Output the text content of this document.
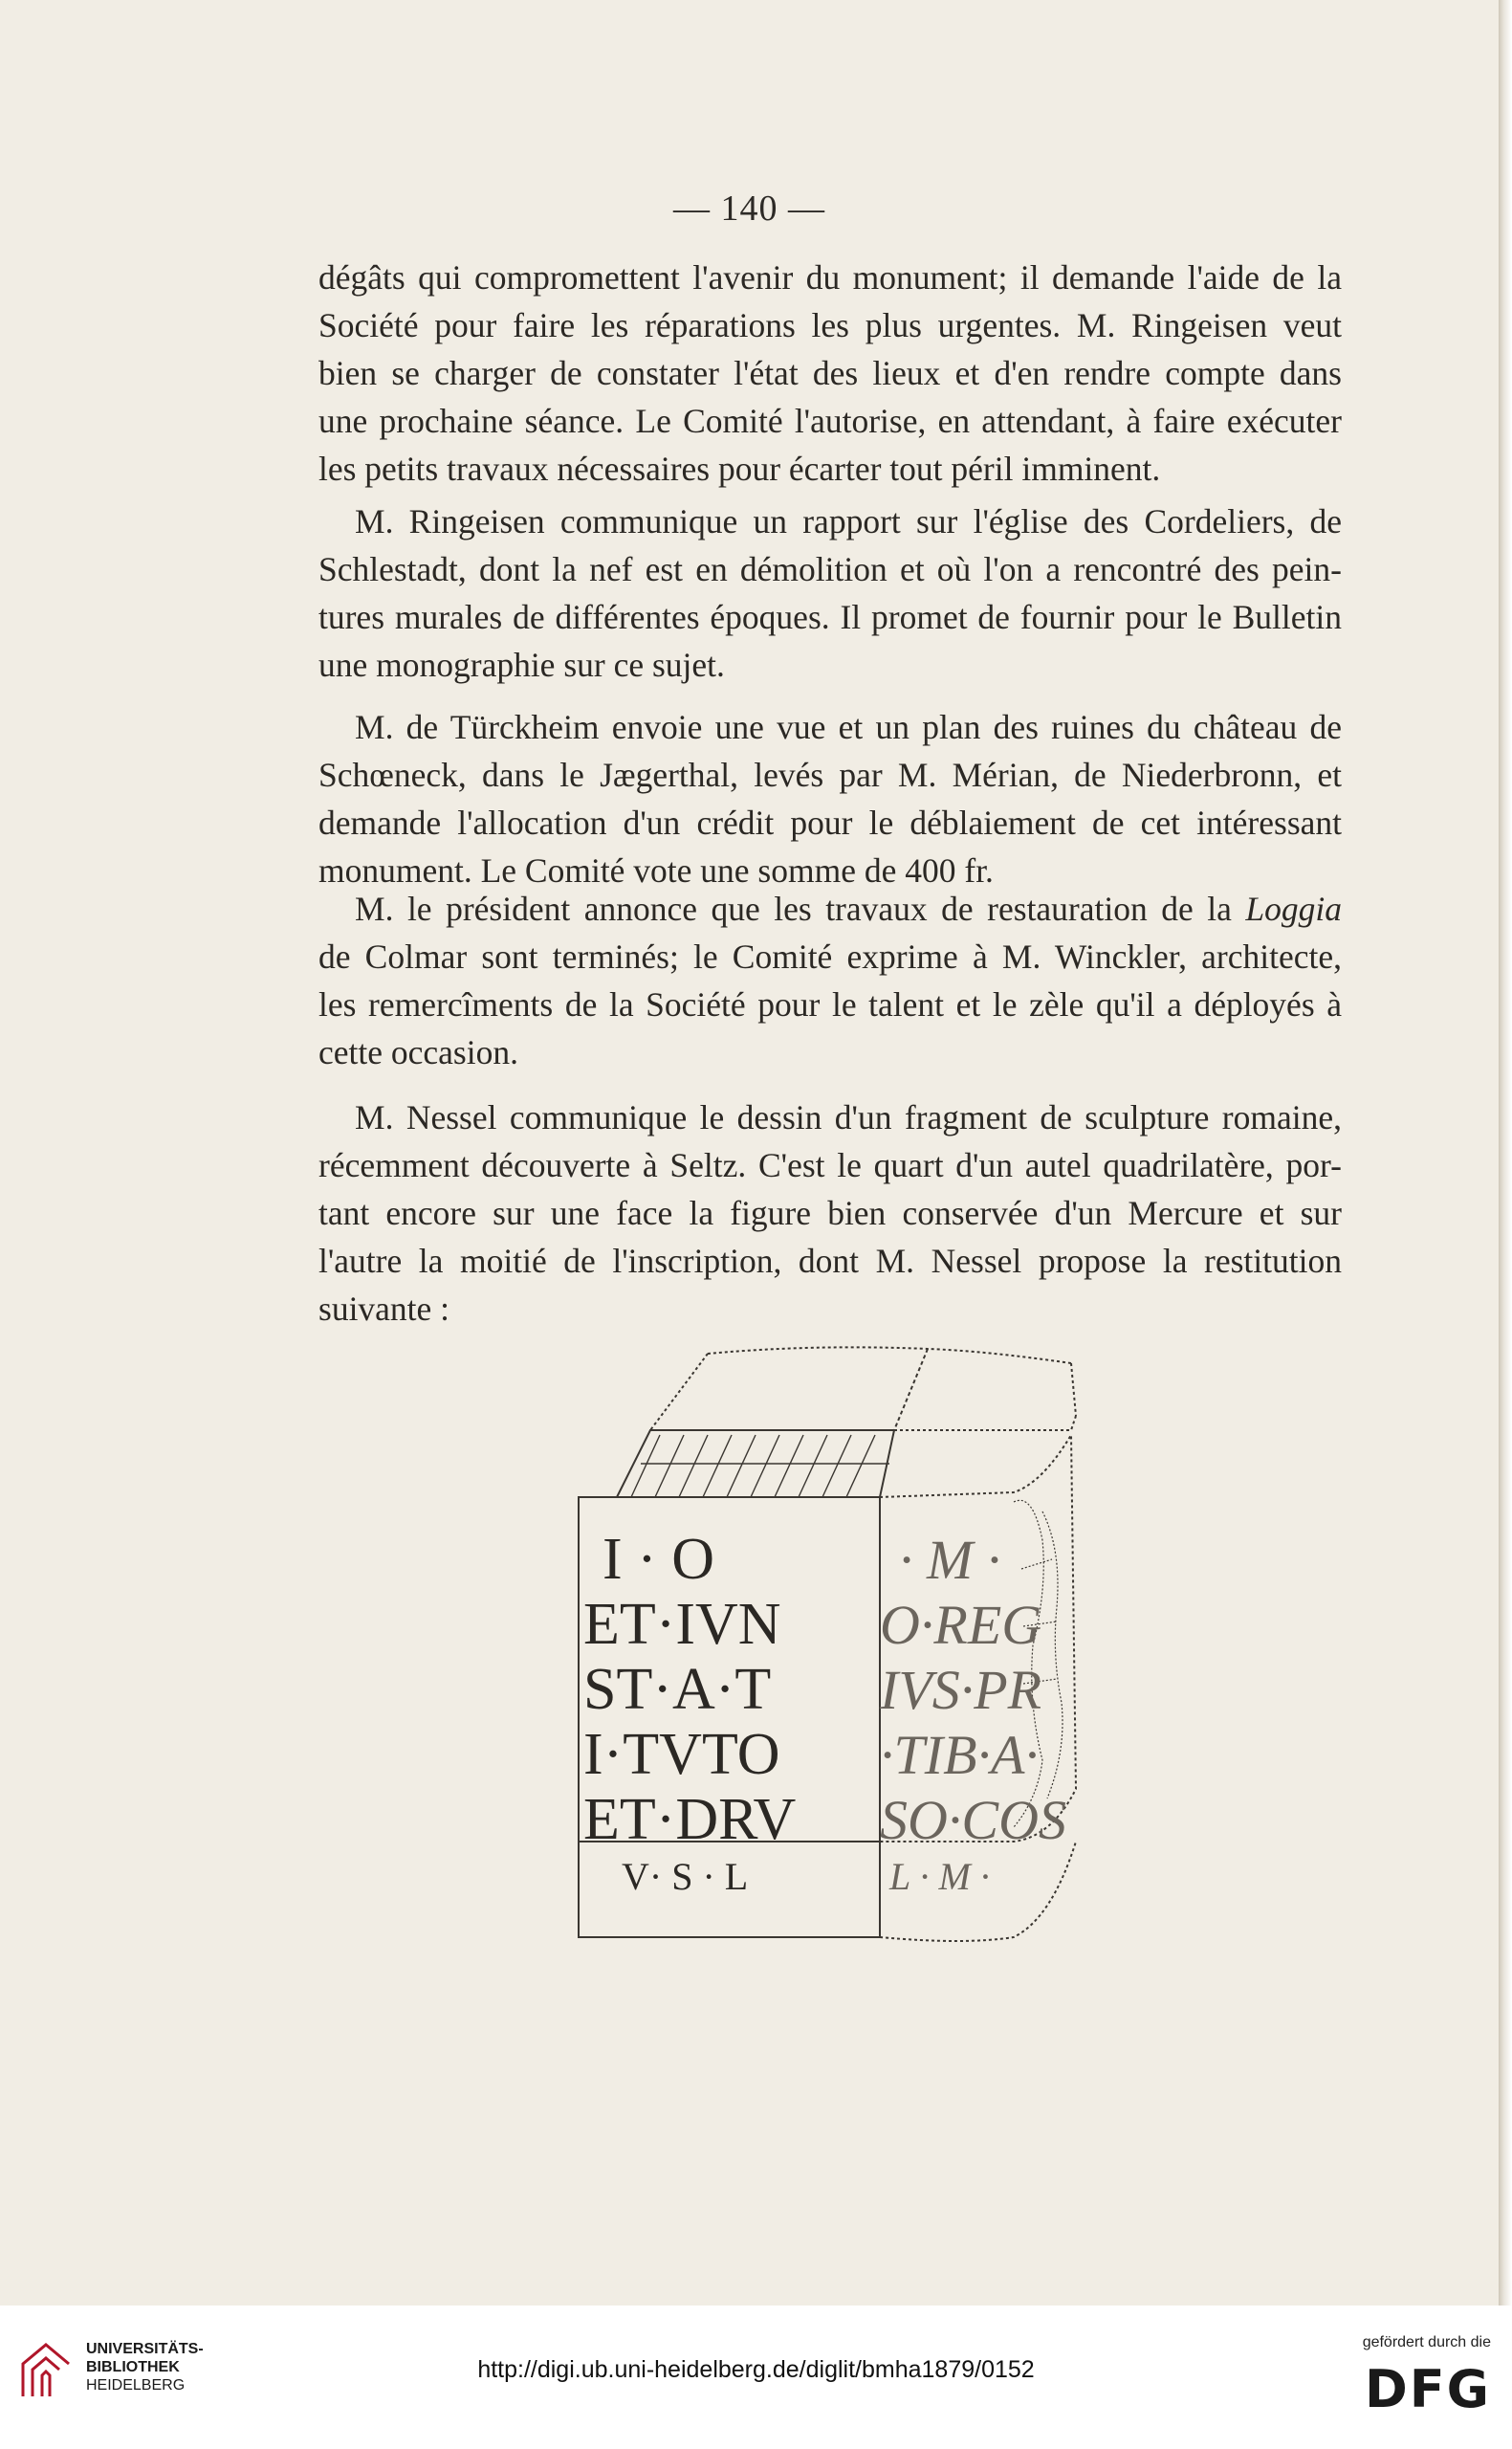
— 140 —

dégâts qui compromettent l'avenir du monument; il demande l'aide de la
Société pour faire les réparations les plus urgentes. M. Ringeisen veut
bien se charger de constater l'état des lieux et d'en rendre compte dans
une prochaine séance. Le Comité l'autorise, en attendant, à faire exécuter
les petits travaux nécessaires pour écarter tout péril imminent.

M. Ringeisen communique un rapport sur l'église des Cordeliers, de
Schlestadt, dont la nef est en démolition et où l'on a rencontré des pein-
tures murales de différentes époques. Il promet de fournir pour le Bulletin
une monographie sur ce sujet.

M. de Türckheim envoie une vue et un plan des ruines du château de
Schœneck, dans le Jægerthal, levés par M. Mérian, de Niederbronn, et
demande l'allocation d'un crédit pour le déblaiement de cet intéressant
monument. Le Comité vote une somme de 400 fr.

M. le président annonce que les travaux de restauration de la Loggia
de Colmar sont terminés; le Comité exprime à M. Winckler, architecte,
les remercîments de la Société pour le talent et le zèle qu'il a déployés à
cette occasion.

M. Nessel communique le dessin d'un fragment de sculpture romaine,
récemment découverte à Seltz. C'est le quart d'un autel quadrilatère, por-
tant encore sur une face la figure bien conservée d'un Mercure et sur
l'autre la moitié de l'inscription, dont M. Nessel propose la restitution
suivante :

I · O
ET·IVN
ST·A·T
I·TVTO
ET·DRV
· M ·
O·REG
IVS·PR
·TIB·A·
SO·COS
V· S · L	L · M ·
UNIVERSITÄTS-
BIBLIOTHEK
HEIDELBERG
http://digi.ub.uni-heidelberg.de/diglit/bmha1879/0152
gefördert durch die
DFG
